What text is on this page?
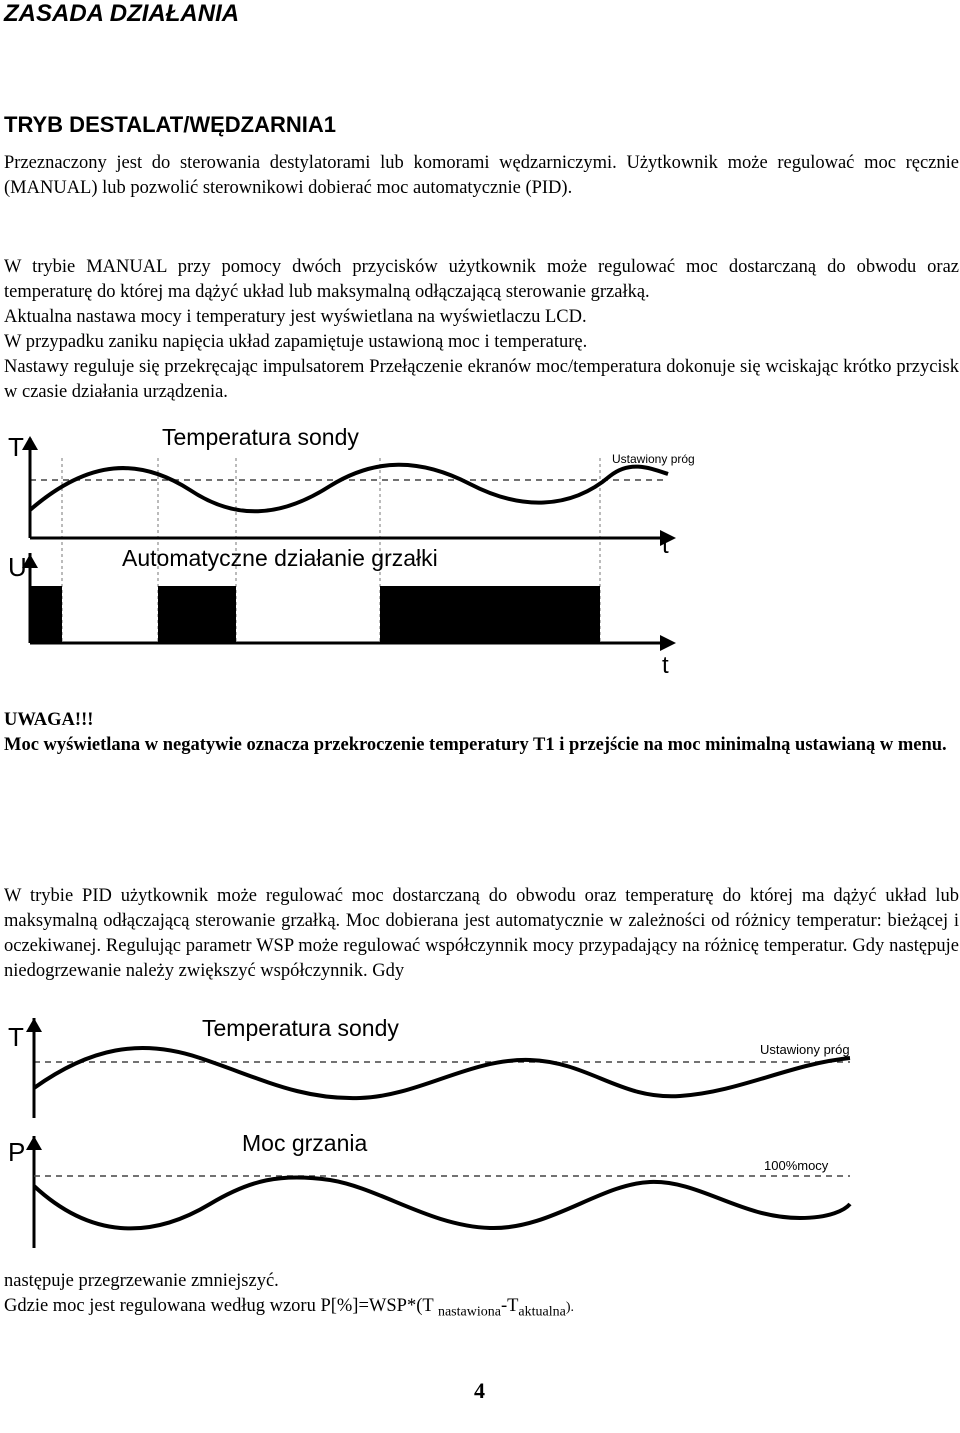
ZASADA DZIAŁANIA
TRYB DESTALAT/WĘDZARNIA1

Przeznaczony jest do sterowania destylatorami lub komorami wędzarniczymi. Użytkownik może regulować moc ręcznie (MANUAL) lub pozwolić sterownikowi dobierać moc automatycznie (PID).

W trybie MANUAL przy pomocy dwóch przycisków użytkownik może regulować moc dostarczaną do obwodu oraz temperaturę do której ma dążyć układ lub maksymalną odłączającą sterowanie grzałką.

Aktualna nastawa mocy i temperatury jest wyświetlana na wyświetlaczu LCD.
W przypadku zaniku napięcia układ zapamiętuje ustawioną moc i temperaturę.

Nastawy reguluje się przekręcając impulsatorem Przełączenie ekranów moc/temperatura dokonuje się wciskając krótko przycisk w czasie działania urządzenia.

T	Temperatura sondy
Ustawiony próg
U	Automatyczne działanie grzałki	t
t
UWAGA!!!

Moc wyświetlana w negatywie oznacza przekroczenie temperatury T1 i przejście na moc minimalną ustawianą w menu.

W trybie PID użytkownik może regulować moc dostarczaną do obwodu oraz temperaturę do której ma dążyć układ lub maksymalną odłączającą sterowanie grzałką. Moc dobierana jest automatycznie w zależności od różnicy temperatur: bieżącej i oczekiwanej. Regulując parametr WSP może regulować współczynnik mocy przypadający na różnicę temperatur. Gdy następuje niedogrzewanie należy zwiększyć współczynnik. Gdy

T	Temperatura sondy
Ustawiony próg
P	Moc grzania
100%mocy
następuje przegrzewanie zmniejszyć.
Gdzie moc jest regulowana według wzoru P[%]=WSP*(T $_{nastawiona}-T_{aktualna}$).
4
